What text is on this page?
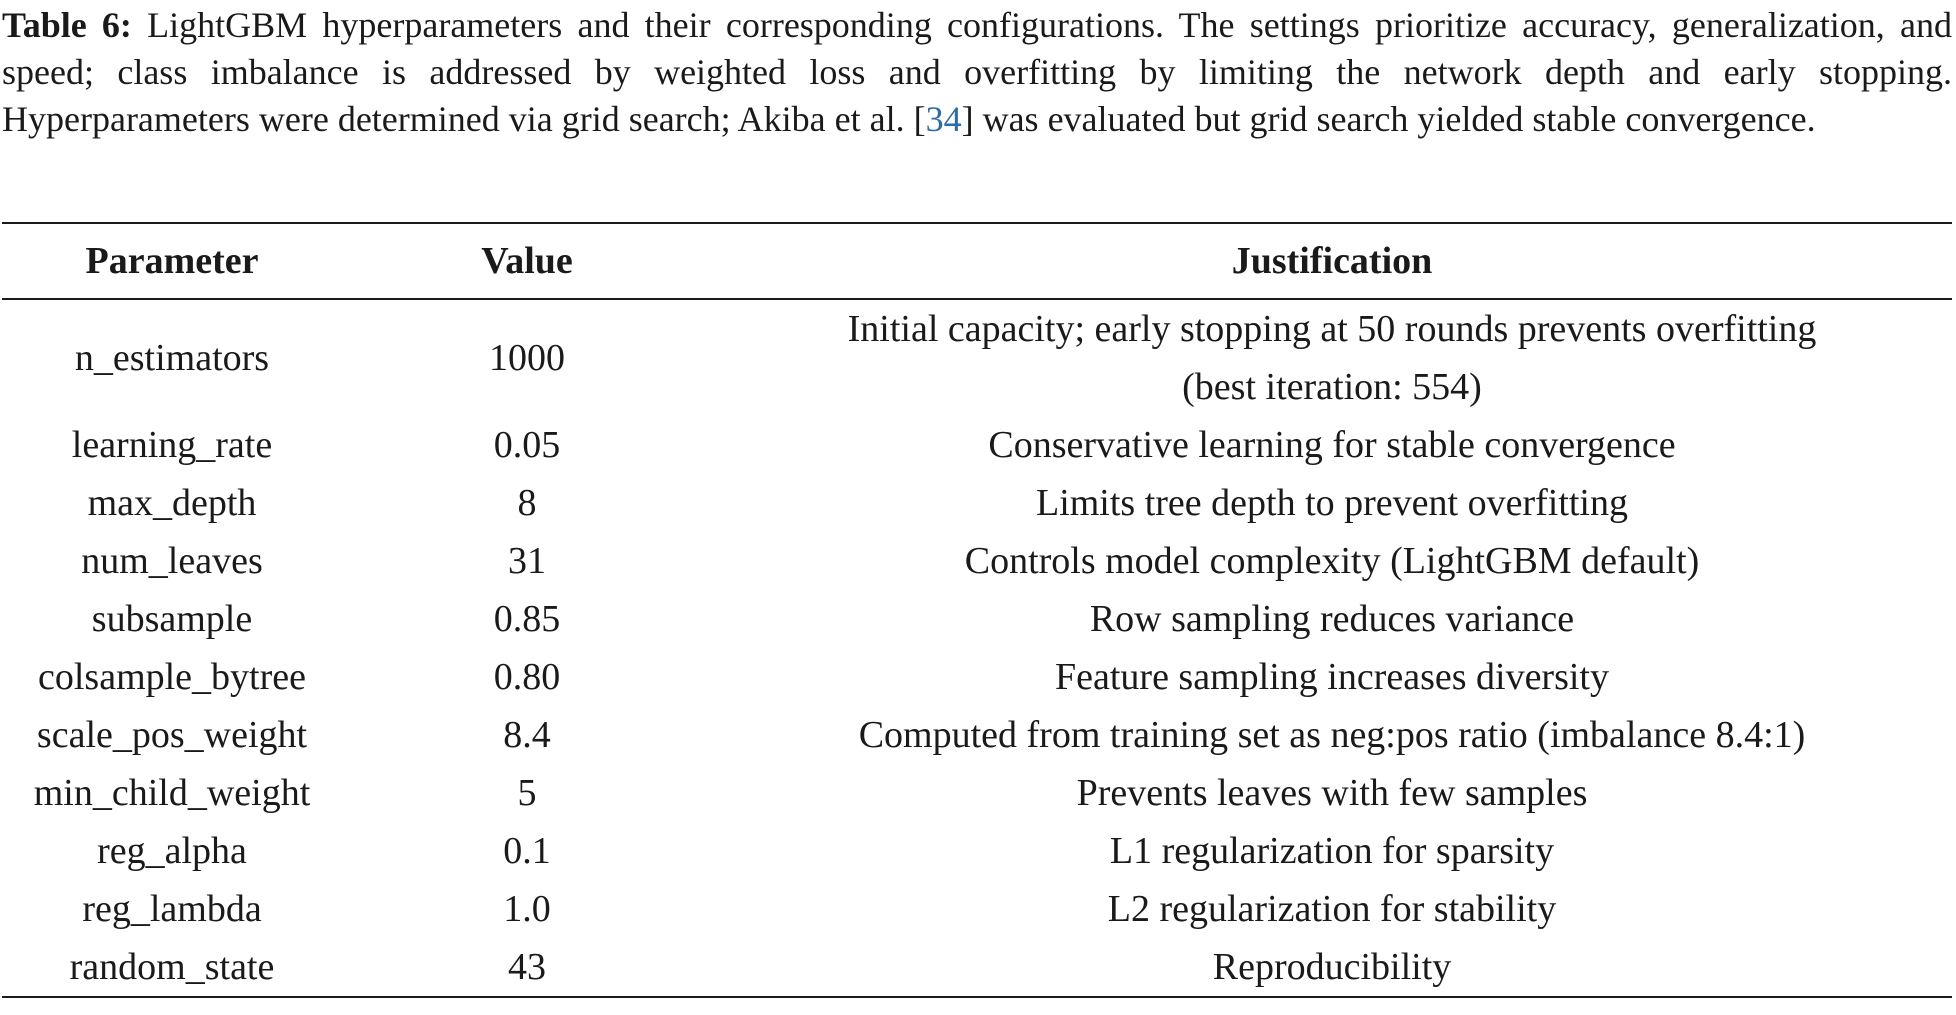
Table 6: LightGBM hyperparameters and their corresponding configurations. The settings prioritize accuracy, generalization, and speed; class imbalance is addressed by weighted loss and overfitting by limiting the network depth and early stopping. Hyperparameters were determined via grid search; Akiba et al. [34] was evaluated but grid search yielded stable convergence.

Parameter	Value	Justification
n_estimators	1000	Initial capacity; early stopping at 50 rounds prevents overfitting
(best iteration: 554)

learning_rate	0.05	Conservative learning for stable convergence
max_depth	8	Limits tree depth to prevent overfitting
num_leaves	31	Controls model complexity (LightGBM default)
subsample	0.85	Row sampling reduces variance
colsample_bytree	0.80	Feature sampling increases diversity
scale_pos_weight	8.4	Computed from training set as neg:pos ratio (imbalance 8.4:1)
min_child_weight	5	Prevents leaves with few samples
reg_alpha	0.1	L1 regularization for sparsity
reg_lambda	1.0	L2 regularization for stability
random_state	43	Reproducibility
